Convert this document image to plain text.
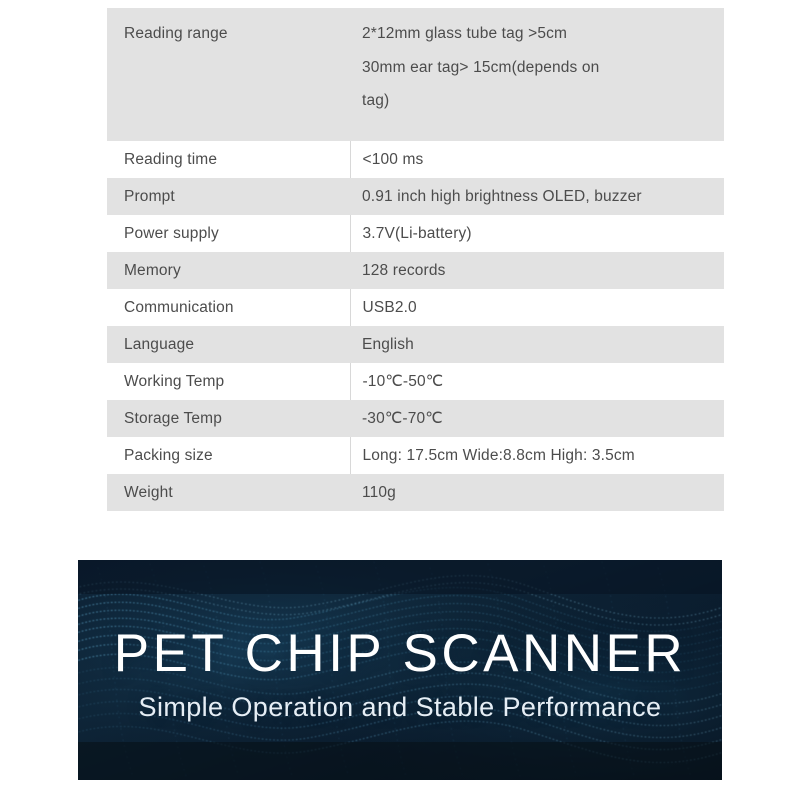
Reading range	2*12mm glass tube tag >5cm
30mm ear tag> 15cm(depends on
tag)

Reading time	<100 ms
Prompt	0.91 inch high brightness OLED, buzzer
Power supply	3.7V(Li-battery)
Memory	128 records
Communication	USB2.0
Language	English
Working Temp	-10℃-50℃
Storage Temp	-30℃-70℃
Packing size	Long: 17.5cm Wide:8.8cm High: 3.5cm
Weight	110g
PET CHIP SCANNER
Simple Operation and Stable Performance
